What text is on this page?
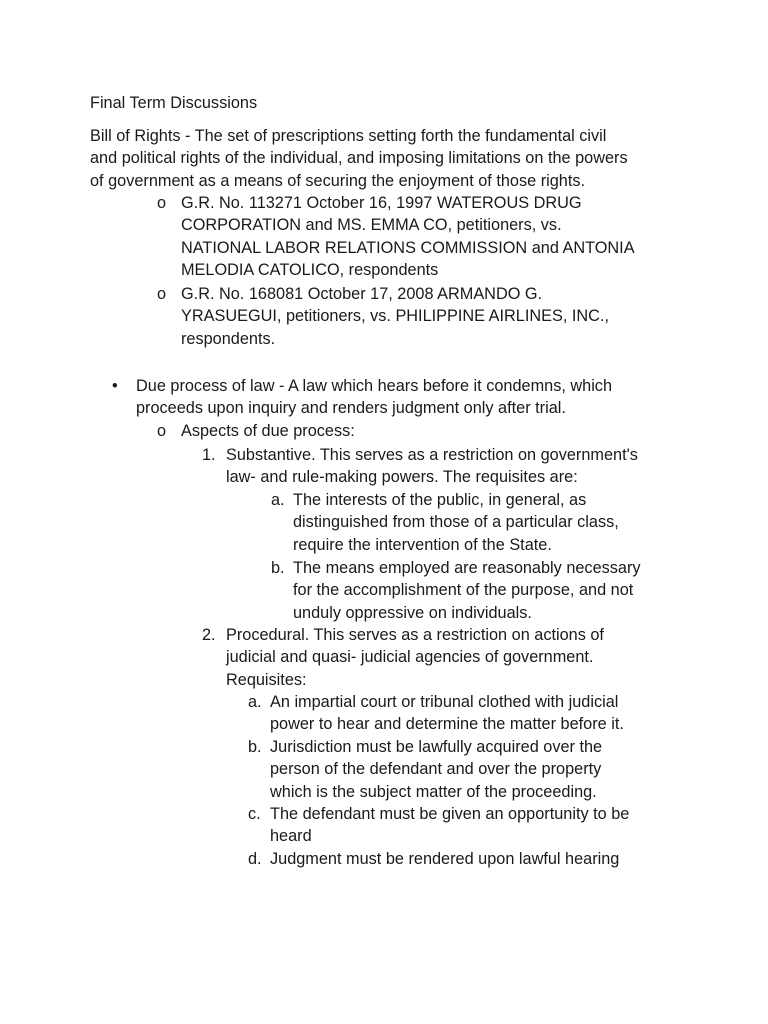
Final Term Discussions

Bill of Rights - The set of prescriptions setting forth the fundamental civil
and political rights of the individual, and imposing limitations on the powers
of government as a means of securing the enjoyment of those rights.
o G.R. No. 113271 October 16, 1997 WATEROUS DRUG
CORPORATION and MS. EMMA CO, petitioners, vs.
NATIONAL LABOR RELATIONS COMMISSION and ANTONIA
MELODIA CATOLICO, respondents
o G.R. No. 168081 October 17, 2008 ARMANDO G.
YRASUEGUI, petitioners, vs. PHILIPPINE AIRLINES, INC.,
respondents.
• Due process of law - A law which hears before it condemns, which
proceeds upon inquiry and renders judgment only after trial.
o Aspects of due process:
1. Substantive. This serves as a restriction on government's
law- and rule-making powers. The requisites are:
a. The interests of the public, in general, as
distinguished from those of a particular class,
require the intervention of the State.
b. The means employed are reasonably necessary
for the accomplishment of the purpose, and not
unduly oppressive on individuals.
2. Procedural. This serves as a restriction on actions of
judicial and quasi- judicial agencies of government.
Requisites:
a. An impartial court or tribunal clothed with judicial
power to hear and determine the matter before it.
b. Jurisdiction must be lawfully acquired over the
person of the defendant and over the property
which is the subject matter of the proceeding.
c. The defendant must be given an opportunity to be
heard
d. Judgment must be rendered upon lawful hearing
